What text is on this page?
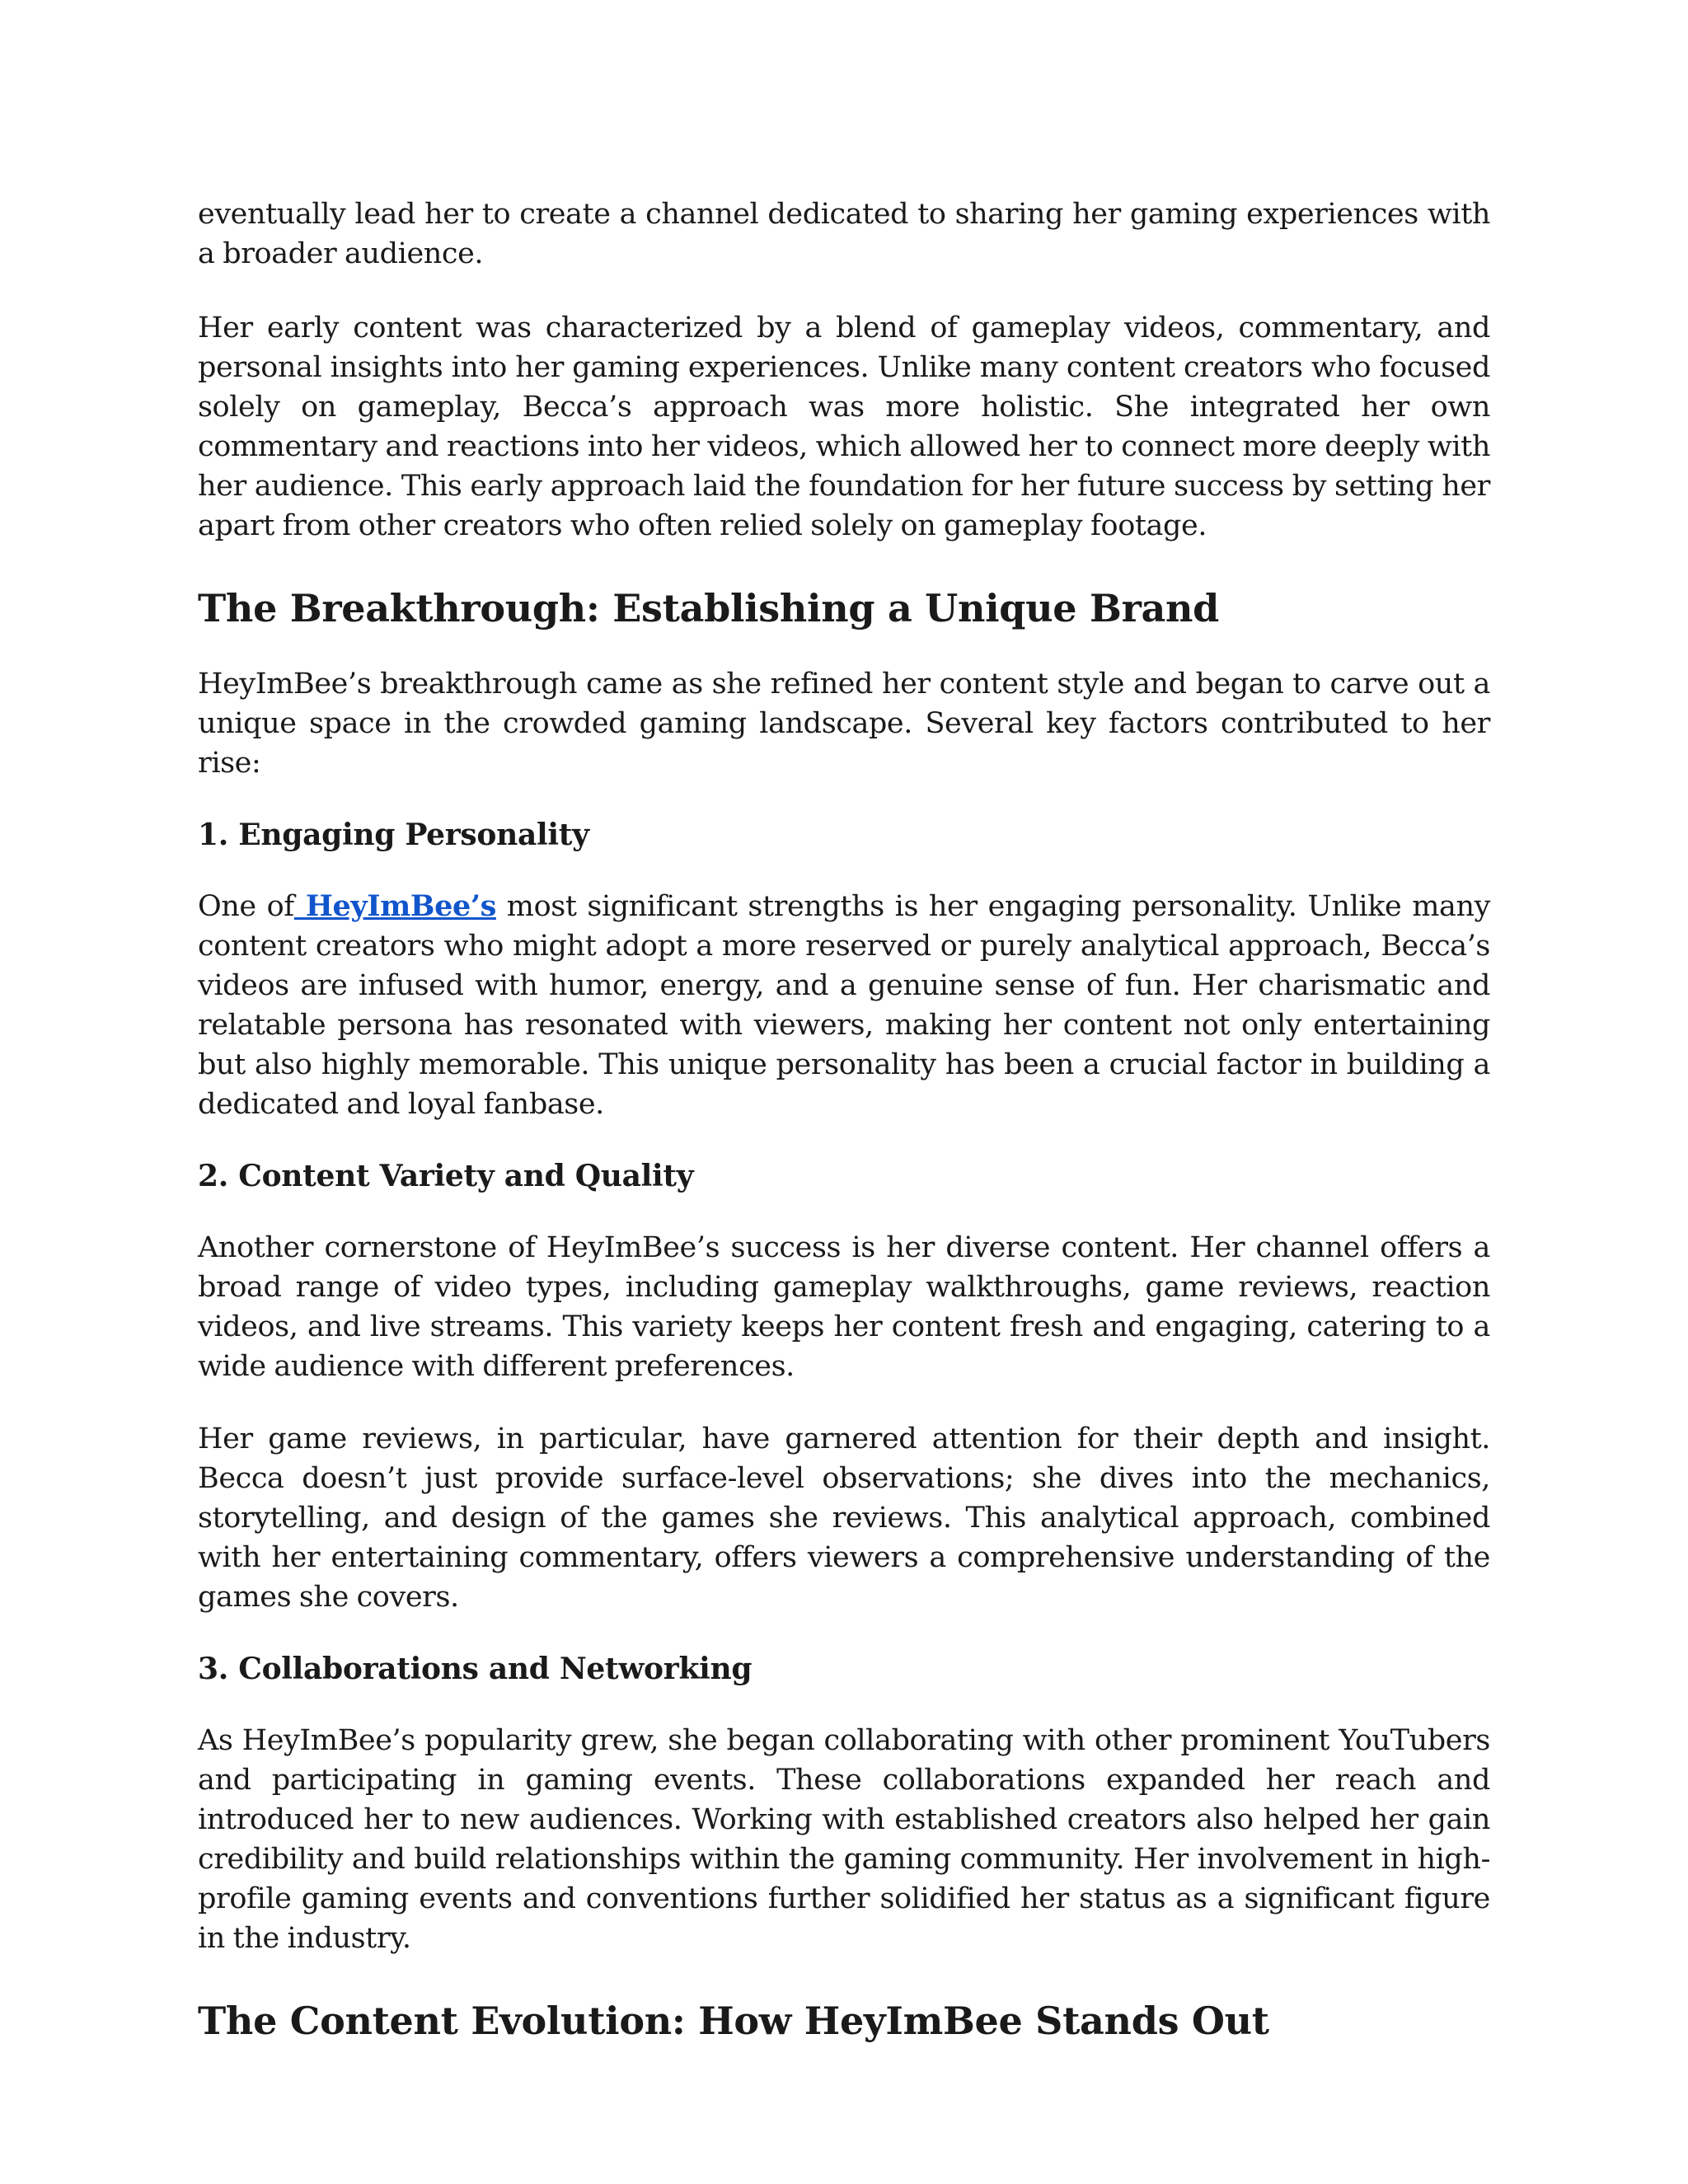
eventually lead her to create a channel dedicated to sharing her gaming experiences with a broader audience.

Her early content was characterized by a blend of gameplay videos, commentary, and personal insights into her gaming experiences. Unlike many content creators who focused solely on gameplay, Becca’s approach was more holistic. She integrated her own commentary and reactions into her videos, which allowed her to connect more deeply with her audience. This early approach laid the foundation for her future success by setting her apart from other creators who often relied solely on gameplay footage.

The Breakthrough: Establishing a Unique Brand

HeyImBee’s breakthrough came as she refined her content style and began to carve out a unique space in the crowded gaming landscape. Several key factors contributed to her rise:

1. Engaging Personality

One of HeyImBee’s most significant strengths is her engaging personality. Unlike many content creators who might adopt a more reserved or purely analytical approach, Becca’s videos are infused with humor, energy, and a genuine sense of fun. Her charismatic and relatable persona has resonated with viewers, making her content not only entertaining but also highly memorable. This unique personality has been a crucial factor in building a dedicated and loyal fanbase.

2. Content Variety and Quality

Another cornerstone of HeyImBee’s success is her diverse content. Her channel offers a broad range of video types, including gameplay walkthroughs, game reviews, reaction videos, and live streams. This variety keeps her content fresh and engaging, catering to a wide audience with different preferences.

Her game reviews, in particular, have garnered attention for their depth and insight. Becca doesn’t just provide surface-level observations; she dives into the mechanics, storytelling, and design of the games she reviews. This analytical approach, combined with her entertaining commentary, offers viewers a comprehensive understanding of the games she covers.

3. Collaborations and Networking

As HeyImBee’s popularity grew, she began collaborating with other prominent YouTubers and participating in gaming events. These collaborations expanded her reach and introduced her to new audiences. Working with established creators also helped her gain credibility and build relationships within the gaming community. Her involvement in high-profile gaming events and conventions further solidified her status as a significant figure in the industry.

The Content Evolution: How HeyImBee Stands Out
